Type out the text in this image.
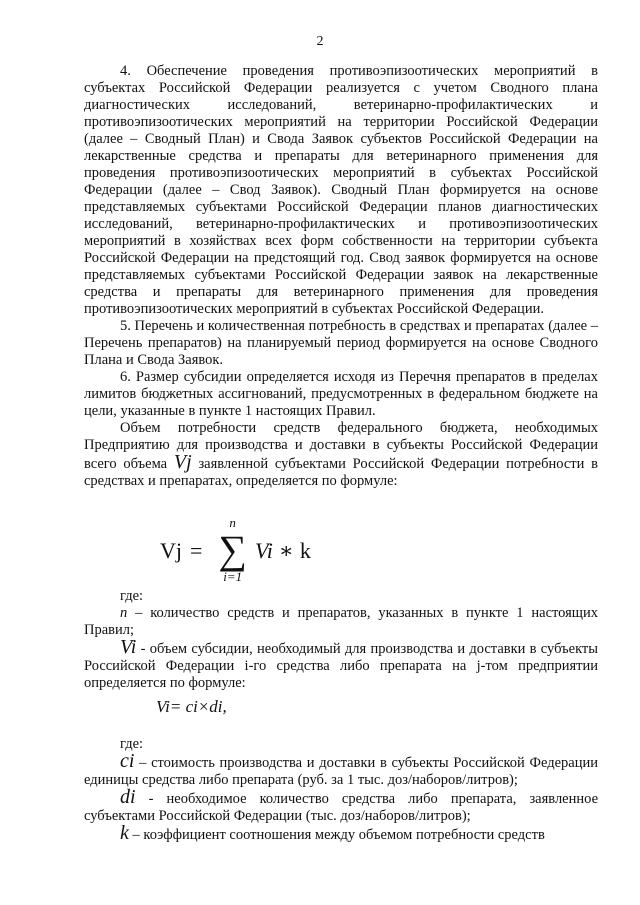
2

4. Обеспечение проведения противоэпизоотических мероприятий в субъектах Российской Федерации реализуется с учетом Сводного плана диагностических исследований, ветеринарно-профилактических и противоэпизоотических мероприятий на территории Российской Федерации (далее – Сводный План) и Свода Заявок субъектов Российской Федерации на лекарственные средства и препараты для ветеринарного применения для проведения противоэпизоотических мероприятий в субъектах Российской Федерации (далее – Свод Заявок). Сводный План формируется на основе представляемых субъектами Российской Федерации планов диагностических исследований, ветеринарно-профилактических и противоэпизоотических мероприятий в хозяйствах всех форм собственности на территории субъекта Российской Федерации на предстоящий год. Свод заявок формируется на основе представляемых субъектами Российской Федерации заявок на лекарственные средства и препараты для ветеринарного применения для проведения противоэпизоотических мероприятий в субъектах Российской Федерации.

5. Перечень и количественная потребность в средствах и препаратах (далее – Перечень препаратов) на планируемый период формируется на основе Сводного Плана и Свода Заявок.

6. Размер субсидии определяется исходя из Перечня препаратов в пределах лимитов бюджетных ассигнований, предусмотренных в федеральном бюджете на цели, указанные в пункте 1 настоящих Правил.

Объем потребности средств федерального бюджета, необходимых Предприятию для производства и доставки в субъекты Российской Федерации всего объема Vj заявленной субъектами Российской Федерации потребности в средствах и препаратах, определяется по формуле:

Vj =
n
∑
i=1
Vi ∗ k

где:

n – количество средств и препаратов, указанных в пункте 1 настоящих Правил;

Vi - объем субсидии, необходимый для производства и доставки в субъекты Российской Федерации i-го средства либо препарата на j-том предприятии определяется по формуле:

Vi= ci×di,

где:

ci – стоимость производства и доставки в субъекты Российской Федерации единицы средства либо препарата (руб. за 1 тыс. доз/наборов/литров);

di - необходимое количество средства либо препарата, заявленное субъектами Российской Федерации (тыс. доз/наборов/литров);

k – коэффициент соотношения между объемом потребности средств
